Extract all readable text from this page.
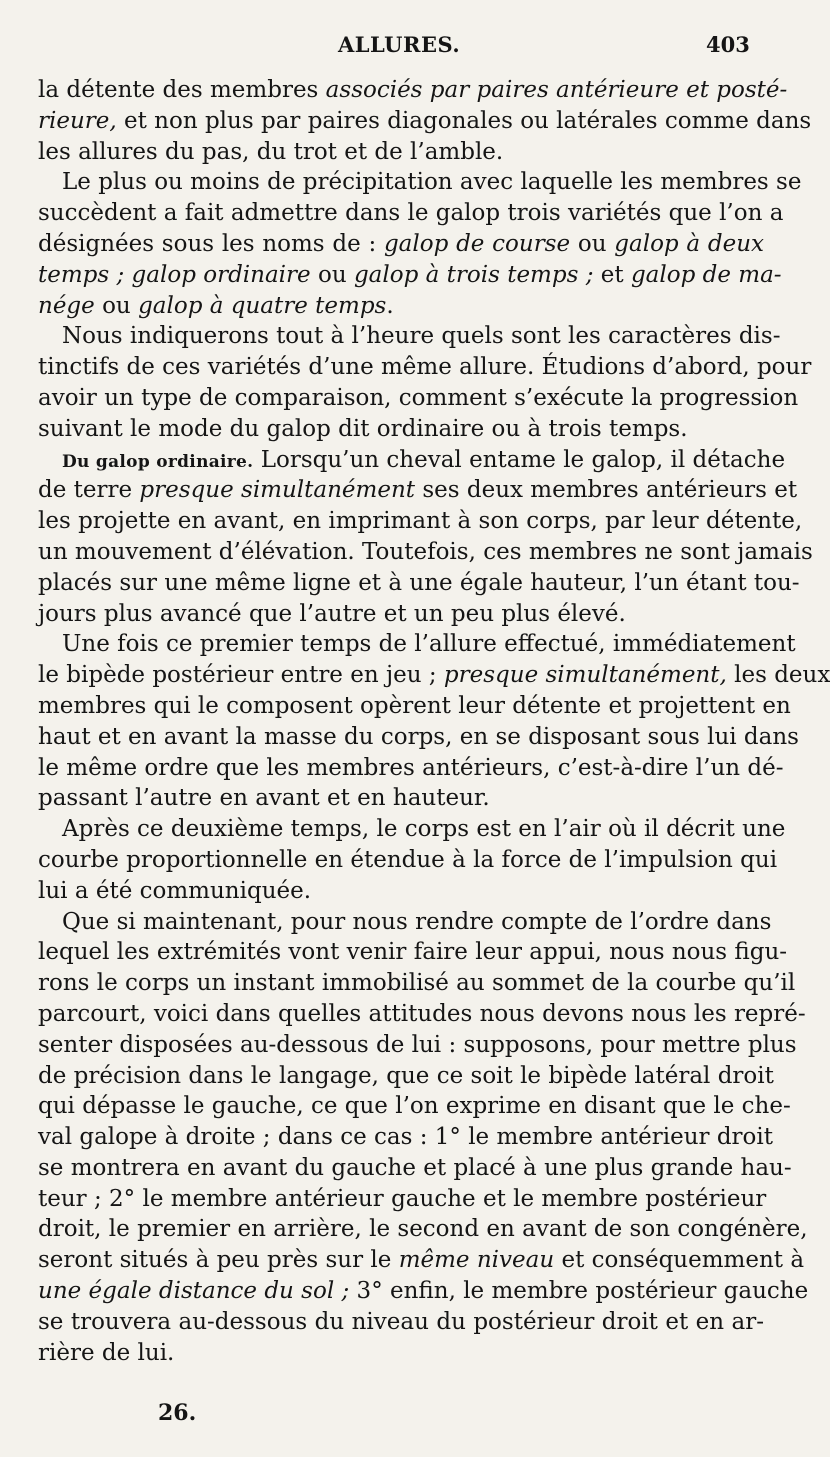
ALLURES.	403
la détente des membres associés par paires antérieure et posté-
rieure, et non plus par paires diagonales ou latérales comme dans
les allures du pas, du trot et de l’amble.
Le plus ou moins de précipitation avec laquelle les membres se
succèdent a fait admettre dans le galop trois variétés que l’on a
désignées sous les noms de : galop de course ou galop à deux
temps ; galop ordinaire ou galop à trois temps ; et galop de ma-
nége ou galop à quatre temps.
Nous indiquerons tout à l’heure quels sont les caractères dis-
tinctifs de ces variétés d’une même allure. Étudions d’abord, pour
avoir un type de comparaison, comment s’exécute la progression
suivant le mode du galop dit ordinaire ou à trois temps.
Du galop ordinaire. Lorsqu’un cheval entame le galop, il détache
de terre presque simultanément ses deux membres antérieurs et
les projette en avant, en imprimant à son corps, par leur détente,
un mouvement d’élévation. Toutefois, ces membres ne sont jamais
placés sur une même ligne et à une égale hauteur, l’un étant tou-
jours plus avancé que l’autre et un peu plus élevé.
Une fois ce premier temps de l’allure effectué, immédiatement
le bipède postérieur entre en jeu ; presque simultanément, les deux
membres qui le composent opèrent leur détente et projettent en
haut et en avant la masse du corps, en se disposant sous lui dans
le même ordre que les membres antérieurs, c’est-à-dire l’un dé-
passant l’autre en avant et en hauteur.
Après ce deuxième temps, le corps est en l’air où il décrit une
courbe proportionnelle en étendue à la force de l’impulsion qui
lui a été communiquée.
Que si maintenant, pour nous rendre compte de l’ordre dans
lequel les extrémités vont venir faire leur appui, nous nous figu-
rons le corps un instant immobilisé au sommet de la courbe qu’il
parcourt, voici dans quelles attitudes nous devons nous les repré-
senter disposées au-dessous de lui : supposons, pour mettre plus
de précision dans le langage, que ce soit le bipède latéral droit
qui dépasse le gauche, ce que l’on exprime en disant que le che-
val galope à droite ; dans ce cas : 1° le membre antérieur droit
se montrera en avant du gauche et placé à une plus grande hau-
teur ; 2° le membre antérieur gauche et le membre postérieur
droit, le premier en arrière, le second en avant de son congénère,
seront situés à peu près sur le même niveau et conséquemment à
une égale distance du sol ; 3° enfin, le membre postérieur gauche
se trouvera au-dessous du niveau du postérieur droit et en ar-
rière de lui.
26.
